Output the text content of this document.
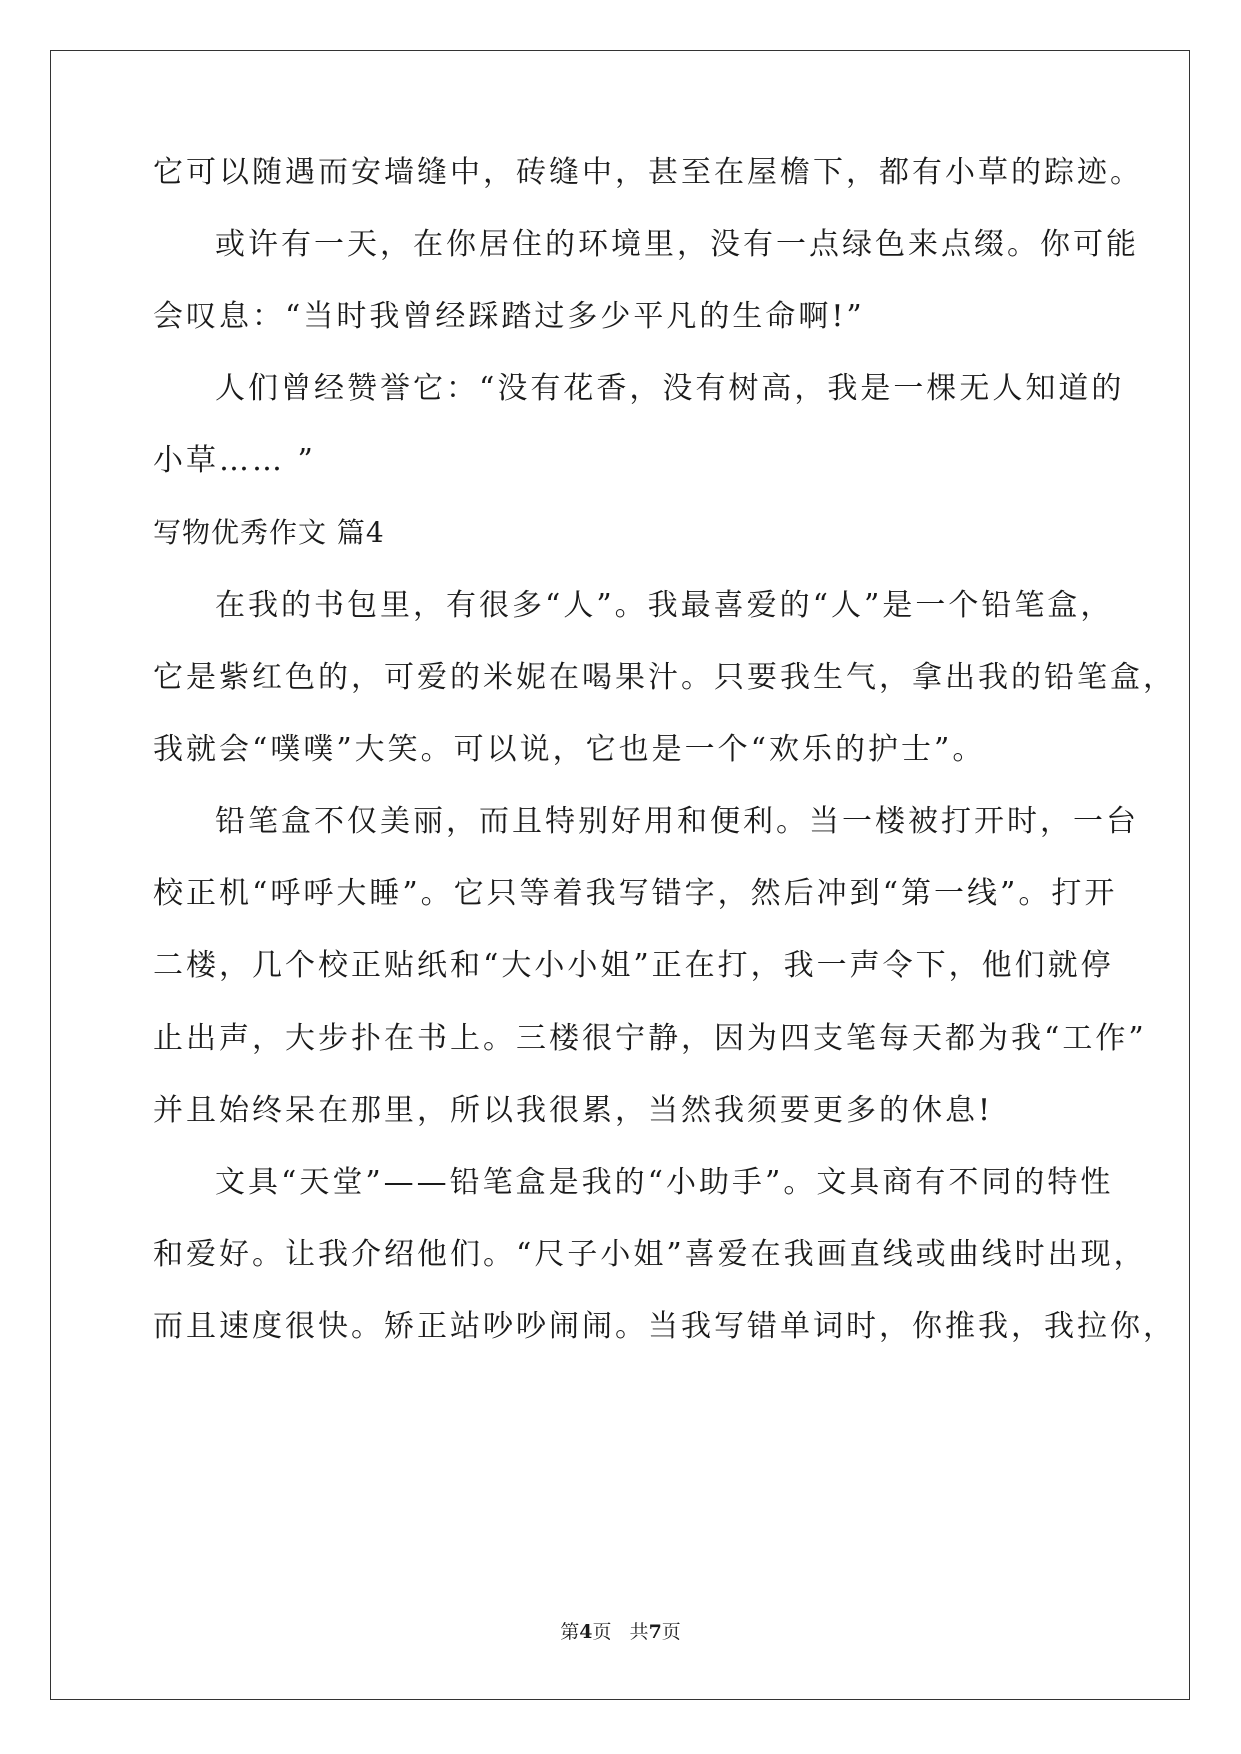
它可以随遇而安墙缝中，砖缝中，甚至在屋檐下，都有小草的踪迹。
或许有一天，在你居住的环境里，没有一点绿色来点缀。你可能
会叹息：“当时我曾经踩踏过多少平凡的生命啊!”
人们曾经赞誉它：“没有花香，没有树高，我是一棵无人知道的
小草…… ”
写物优秀作文 篇4
在我的书包里，有很多“人”。我最喜爱的“人”是一个铅笔盒，
它是紫红色的，可爱的米妮在喝果汁。只要我生气，拿出我的铅笔盒，
我就会“噗噗”大笑。可以说，它也是一个“欢乐的护士”。
铅笔盒不仅美丽，而且特别好用和便利。当一楼被打开时，一台
校正机“呼呼大睡”。它只等着我写错字，然后冲到“第一线”。打开
二楼，几个校正贴纸和“大小小姐”正在打，我一声令下，他们就停
止出声，大步扑在书上。三楼很宁静，因为四支笔每天都为我“工作”
并且始终呆在那里，所以我很累，当然我须要更多的休息!
文具“天堂”——铅笔盒是我的“小助手”。文具商有不同的特性
和爱好。让我介绍他们。“尺子小姐”喜爱在我画直线或曲线时出现，
而且速度很快。矫正站吵吵闹闹。当我写错单词时，你推我，我拉你，
第4页   共7页
